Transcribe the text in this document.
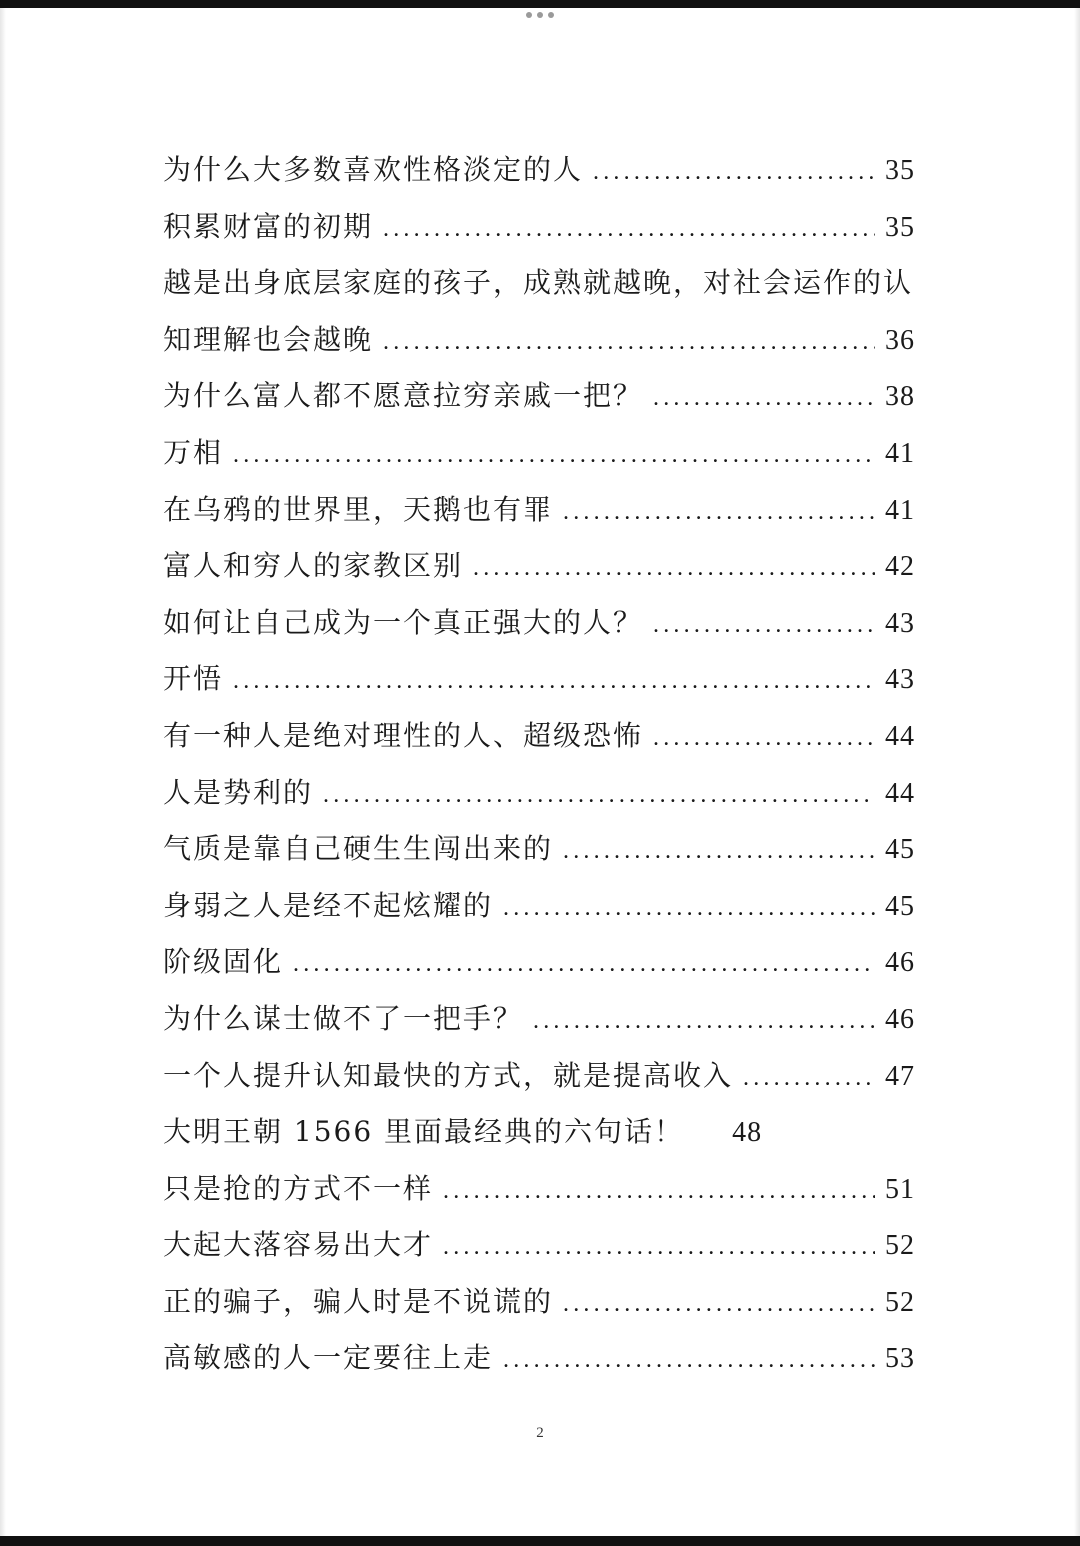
为什么大多数喜欢性格淡定的人 .....	35
积累财富的初期 .....	35
越是出身底层家庭的孩子，成熟就越晚，对社会运作的认
知理解也会越晚 .....	36
为什么富人都不愿意拉穷亲戚一把？ .....	38
万相 .....	41
在乌鸦的世界里，天鹅也有罪 .....	41
富人和穷人的家教区别 .....	42
如何让自己成为一个真正强大的人？ .....	43
开悟 .....	43
有一种人是绝对理性的人、超级恐怖 .....	44
人是势利的 .....	44
气质是靠自己硬生生闯出来的 .....	45
身弱之人是经不起炫耀的 .....	45
阶级固化 .....	46
为什么谋士做不了一把手？ .....	46
一个人提升认知最快的方式，就是提高收入 .....	47
大明王朝 1566 里面最经典的六句话！ 48
只是抢的方式不一样 .....	51
大起大落容易出大才 .....	52
正的骗子，骗人时是不说谎的 .....	52
高敏感的人一定要往上走 .....	53
2
